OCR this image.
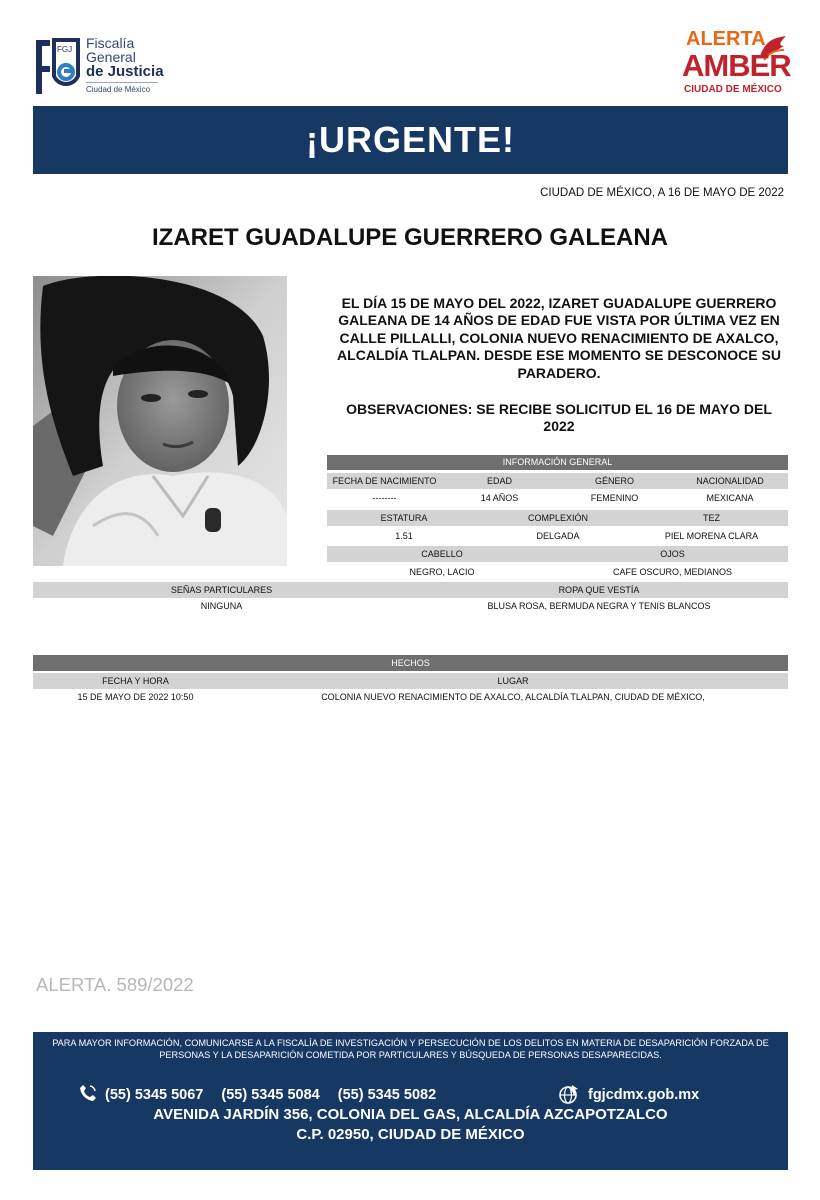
FGJ Fiscalía
General
de Justicia
Ciudad de México
ALERTA
AMBER
CIUDAD DE MÉXICO
¡URGENTE!
CIUDAD DE MÉXICO, A 16 DE MAYO DE 2022
IZARET GUADALUPE GUERRERO GALEANA
EL DÍA 15 DE MAYO DEL 2022, IZARET GUADALUPE GUERRERO GALEANA DE 14 AÑOS DE EDAD FUE VISTA POR ÚLTIMA VEZ EN CALLE PILLALLI, COLONIA NUEVO RENACIMIENTO DE AXALCO, ALCALDÍA TLALPAN. DESDE ESE MOMENTO SE DESCONOCE SU PARADERO.
OBSERVACIONES: SE RECIBE SOLICITUD EL 16 DE MAYO DEL 2022
INFORMACIÓN GENERAL
FECHA DE NACIMIENTO	EDAD	GÉNERO	NACIONALIDAD
--------	14 AÑOS	FEMENINO	MEXICANA
ESTATURA	COMPLEXIÓN	TEZ
1.51	DELGADA	PIEL MORENA CLARA
CABELLO	OJOS
NEGRO, LACIO	CAFE OSCURO, MEDIANOS
SEÑAS PARTICULARES	ROPA QUE VESTÍA
NINGUNA	BLUSA ROSA, BERMUDA NEGRA Y TENIS BLANCOS
HECHOS
FECHA Y HORA	LUGAR
15 DE MAYO DE 2022 10:50	COLONIA NUEVO RENACIMIENTO DE AXALCO, ALCALDÍA TLALPAN, CIUDAD DE MÉXICO,
ALERTA. 589/2022
PARA MAYOR INFORMACIÓN, COMUNICARSE A LA FISCALÍA DE INVESTIGACIÓN Y PERSECUCIÓN DE LOS DELITOS EN MATERIA DE DESAPARICIÓN FORZADA DE PERSONAS Y LA DESAPARICIÓN COMETIDA POR PARTICULARES Y BÚSQUEDA DE PERSONAS DESAPARECIDAS.
(55) 5345 5067 (55) 5345 5084 (55) 5345 5082	fgjcdmx.gob.mx
AVENIDA JARDÍN 356, COLONIA DEL GAS, ALCALDÍA AZCAPOTZALCO
C.P. 02950, CIUDAD DE MÉXICO
